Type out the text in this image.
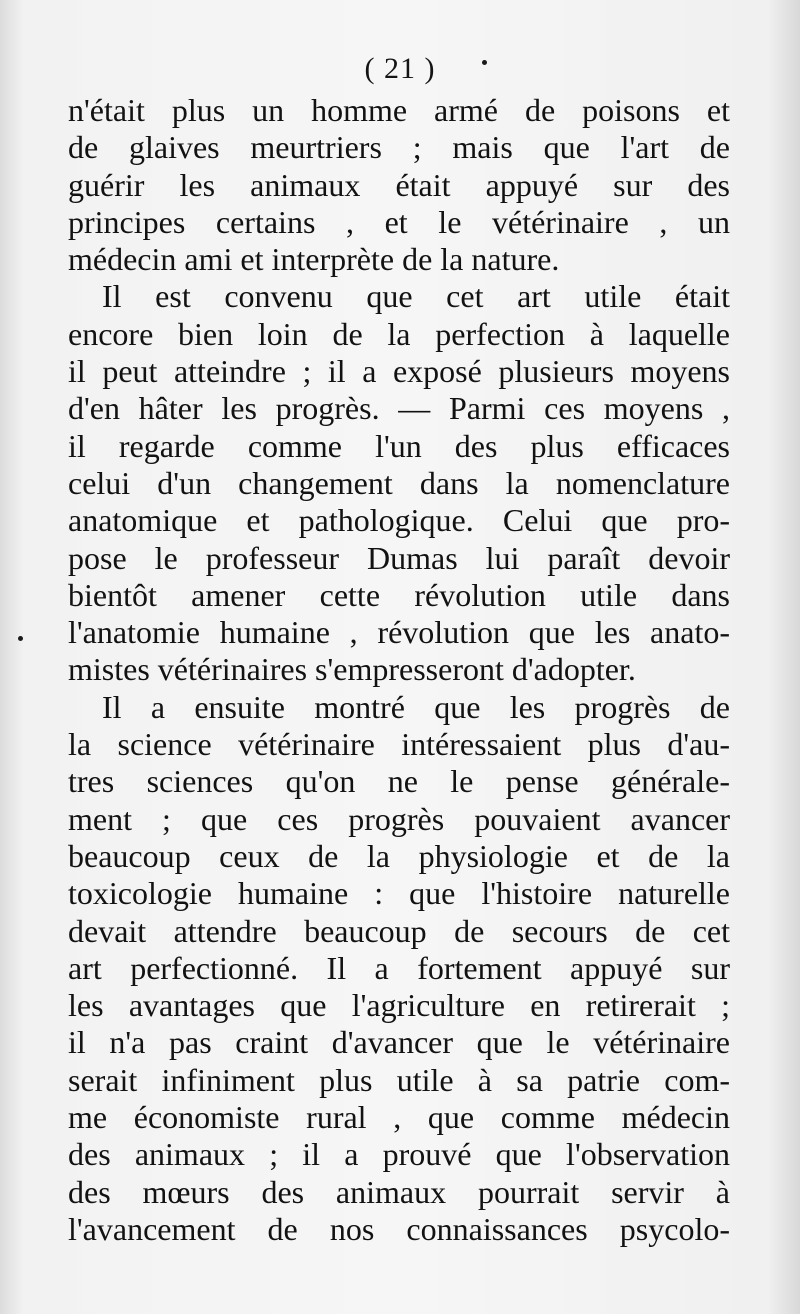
( 21 )
n'était plus un homme armé de poisons et
de glaives meurtriers ; mais que l'art de
guérir les animaux était appuyé sur des
principes certains , et le vétérinaire , un
médecin ami et interprète de la nature.
Il est convenu que cet art utile était
encore bien loin de la perfection à laquelle
il peut atteindre ; il a exposé plusieurs moyens
d'en hâter les progrès. — Parmi ces moyens ,
il regarde comme l'un des plus efficaces
celui d'un changement dans la nomenclature
anatomique et pathologique. Celui que pro-
pose le professeur Dumas lui paraît devoir
bientôt amener cette révolution utile dans
l'anatomie humaine , révolution que les anato-
mistes vétérinaires s'empresseront d'adopter.
Il a ensuite montré que les progrès de
la science vétérinaire intéressaient plus d'au-
tres sciences qu'on ne le pense générale-
ment ; que ces progrès pouvaient avancer
beaucoup ceux de la physiologie et de la
toxicologie humaine : que l'histoire naturelle
devait attendre beaucoup de secours de cet
art perfectionné. Il a fortement appuyé sur
les avantages que l'agriculture en retirerait ;
il n'a pas craint d'avancer que le vétérinaire
serait infiniment plus utile à sa patrie com-
me économiste rural , que comme médecin
des animaux ; il a prouvé que l'observation
des mœurs des animaux pourrait servir à
l'avancement de nos connaissances psycolo-
